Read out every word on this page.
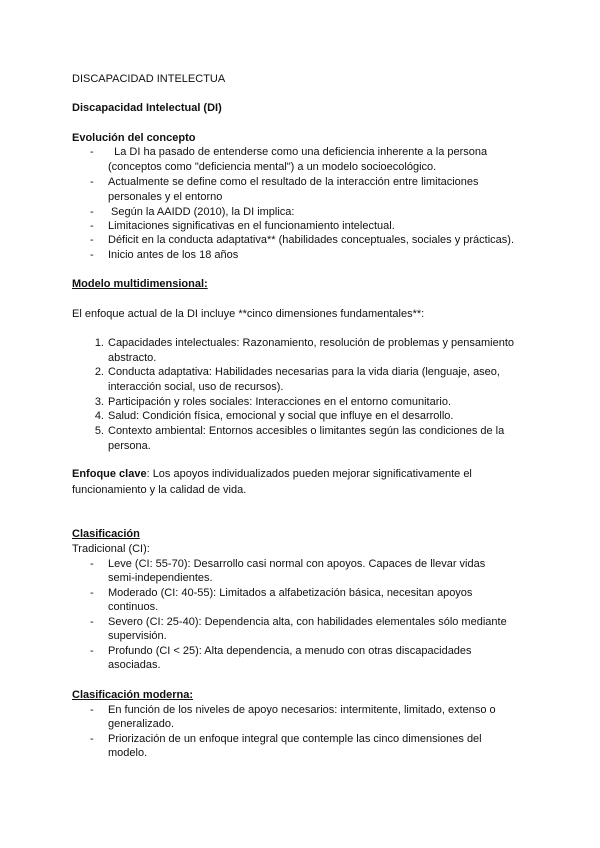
DISCAPACIDAD INTELECTUA
Discapacidad Intelectual (DI)
Evolución del concepto
-	La DI ha pasado de entenderse como una deficiencia inherente a la persona
(conceptos como "deficiencia mental") a un modelo socioecológico.
-	Actualmente se define como el resultado de la interacción entre limitaciones
personales y el entorno
-	Según la AAIDD (2010), la DI implica:
-	Limitaciones significativas en el funcionamiento intelectual.
-	Déficit en la conducta adaptativa** (habilidades conceptuales, sociales y prácticas).
-	Inicio antes de los 18 años
Modelo multidimensional:
El enfoque actual de la DI incluye **cinco dimensiones fundamentales**:
1. Capacidades intelectuales: Razonamiento, resolución de problemas y pensamiento
abstracto.
2. Conducta adaptativa: Habilidades necesarias para la vida diaria (lenguaje, aseo,
interacción social, uso de recursos).
3. Participación y roles sociales: Interacciones en el entorno comunitario.
4. Salud: Condición física, emocional y social que influye en el desarrollo.
5. Contexto ambiental: Entornos accesibles o limitantes según las condiciones de la
persona.
Enfoque clave: Los apoyos individualizados pueden mejorar significativamente el
funcionamiento y la calidad de vida.
Clasificación
Tradicional (CI):
-	Leve (CI: 55-70): Desarrollo casi normal con apoyos. Capaces de llevar vidas
semi-independientes.
-	Moderado (CI: 40-55): Limitados a alfabetización básica, necesitan apoyos
continuos.
-	Severo (CI: 25-40): Dependencia alta, con habilidades elementales sólo mediante
supervisión.
-	Profundo (CI < 25): Alta dependencia, a menudo con otras discapacidades
asociadas.
Clasificación moderna:
-	En función de los niveles de apoyo necesarios: intermitente, limitado, extenso o
generalizado.
-	Priorización de un enfoque integral que contemple las cinco dimensiones del
modelo.
